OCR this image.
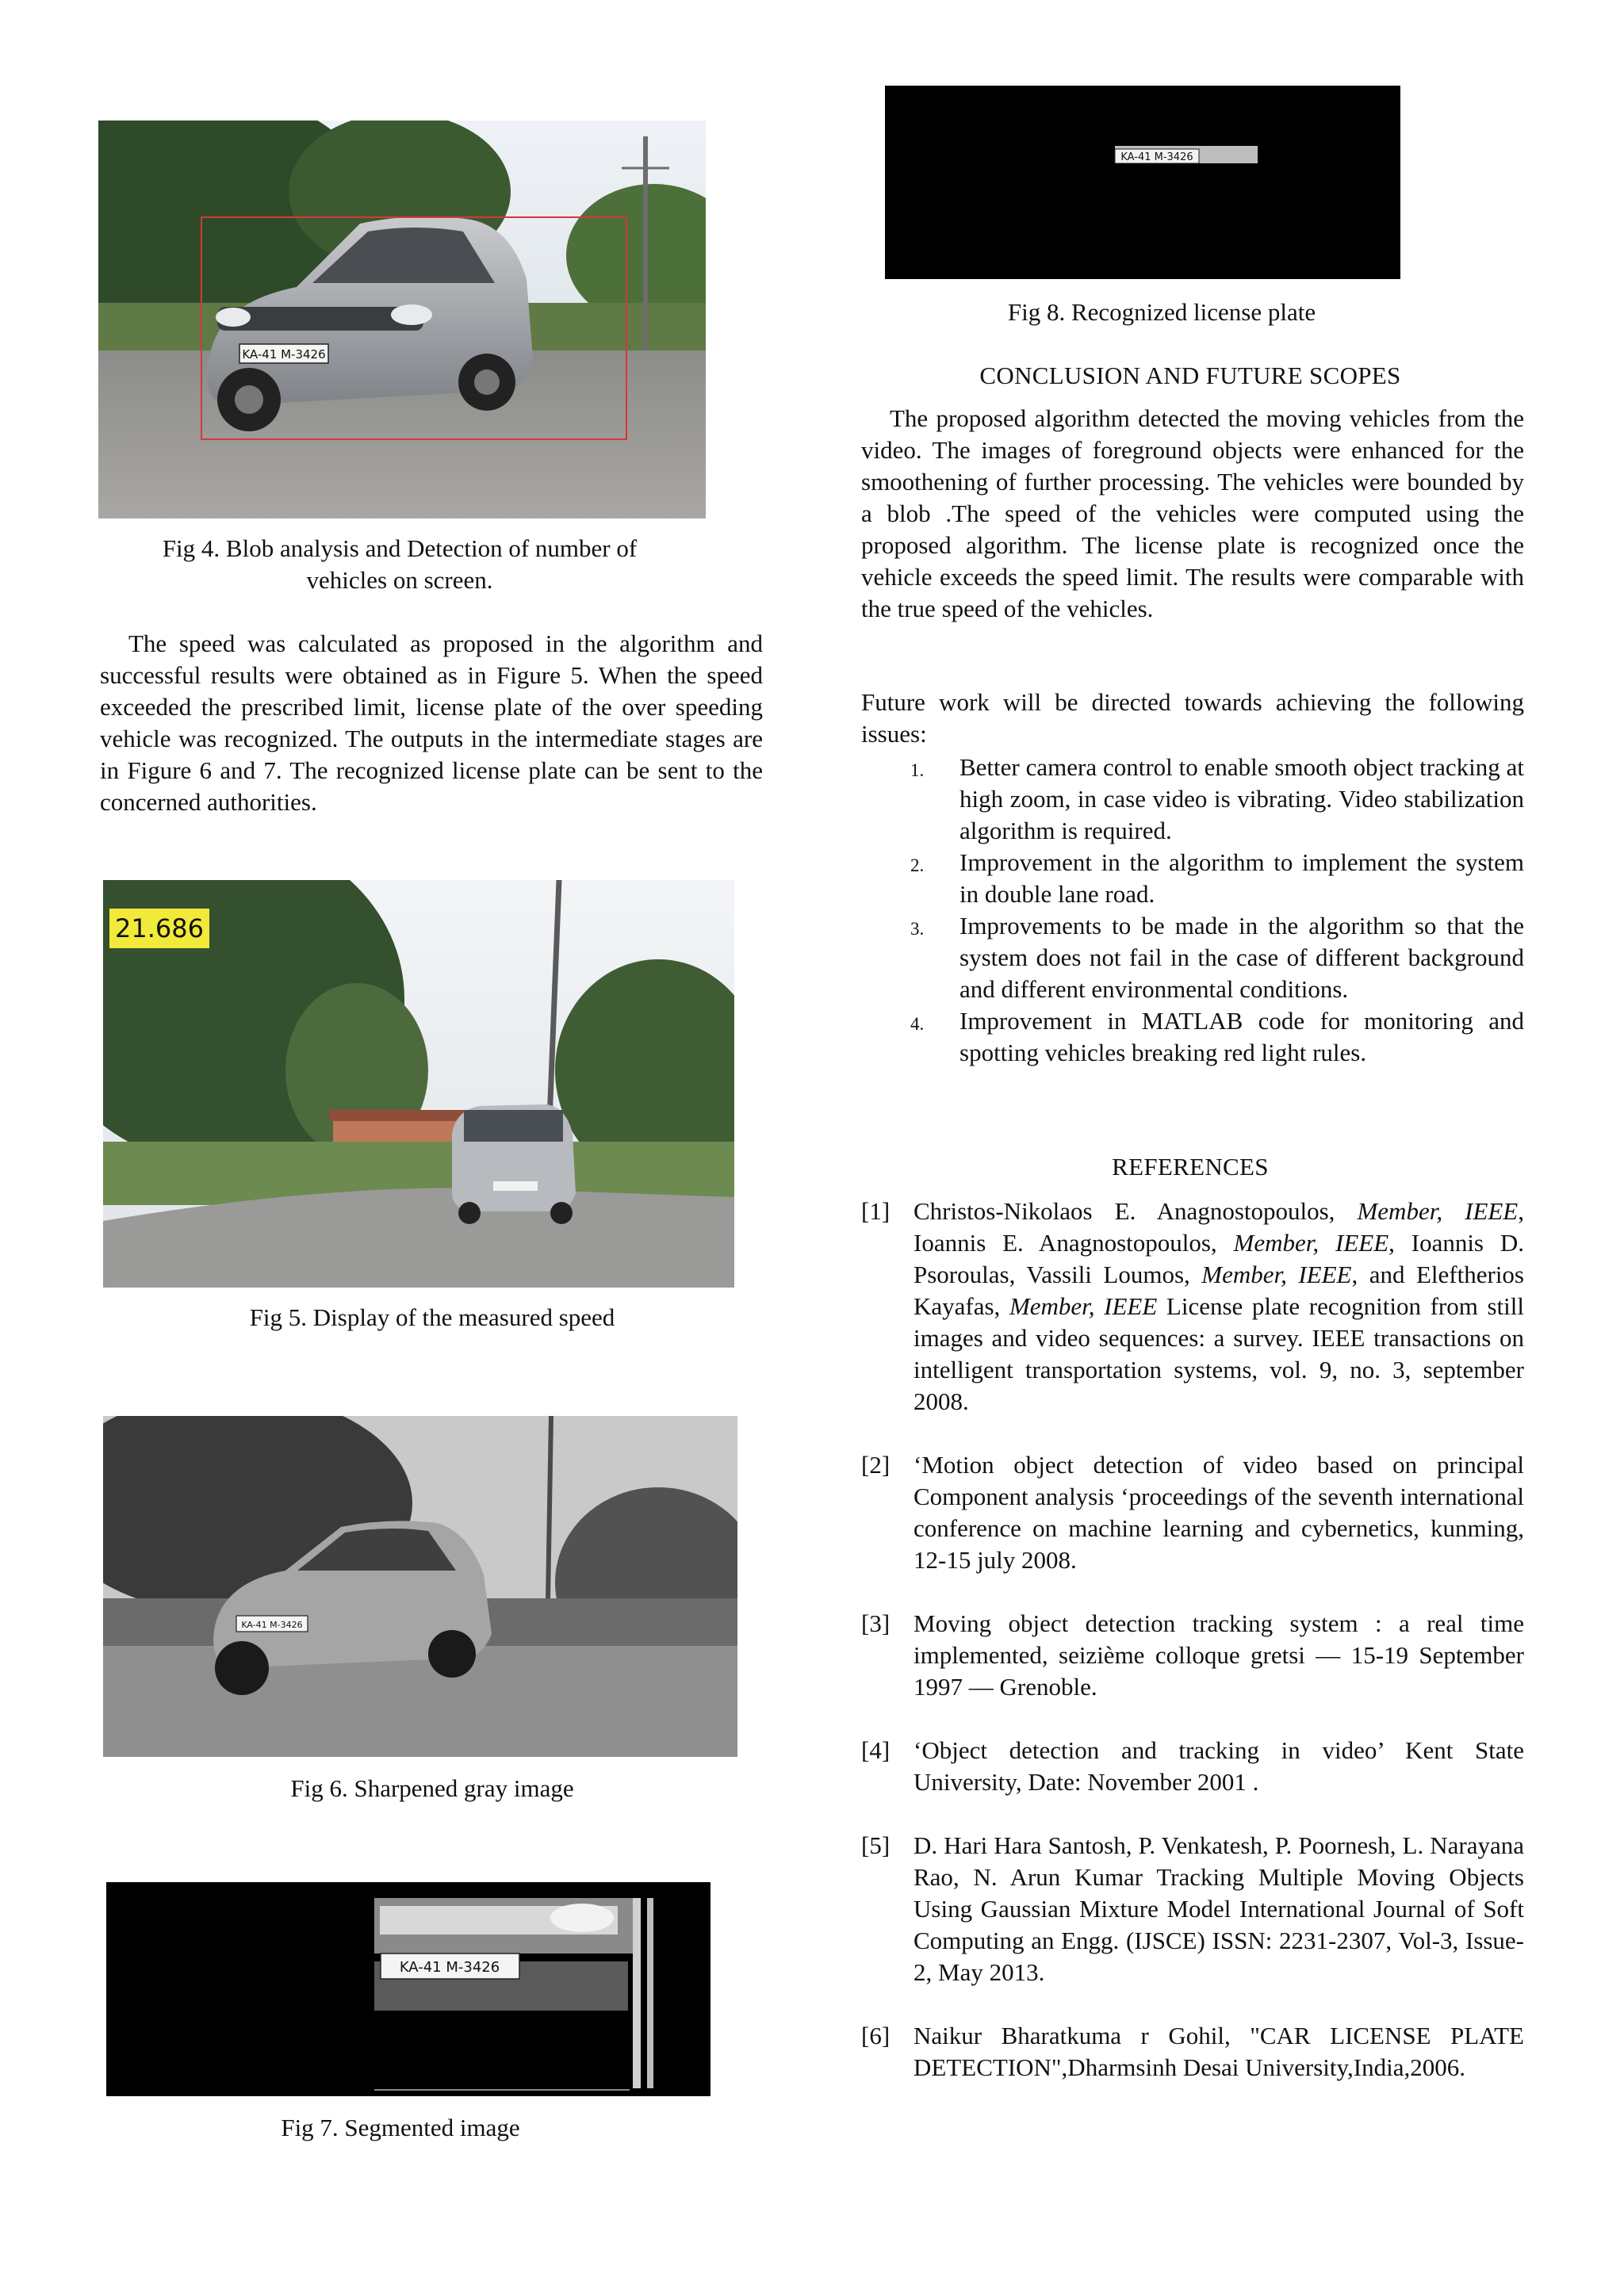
KA-41 M-3426
Fig 4. Blob analysis and Detection of number of vehicles on screen.
The speed was calculated as proposed in the algorithm and successful results were obtained as in Figure 5. When the speed exceeded the prescribed limit, license plate of the over speeding vehicle was recognized. The outputs in the intermediate stages are in Figure 6 and 7. The recognized license plate can be sent to the concerned authorities.
21.686
Fig 5. Display of the measured speed
KA-41 M-3426
Fig 6. Sharpened gray image
KA-41 M-3426
Fig 7. Segmented image
KA-41 M-3426
Fig 8. Recognized license plate
CONCLUSION AND FUTURE SCOPES
The proposed algorithm detected the moving vehicles from the video. The images of foreground objects were enhanced for the smoothening of further processing. The vehicles were bounded by a blob .The speed of the vehicles were computed using the proposed algorithm. The license plate is recognized once the vehicle exceeds the speed limit. The results were comparable with the true speed of the vehicles.
Future work will be directed towards achieving the following issues:
1. Better camera control to enable smooth object tracking at high zoom, in case video is vibrating. Video stabilization algorithm is required.
2. Improvement in the algorithm to implement the system in double lane road.
3. Improvements to be made in the algorithm so that the system does not fail in the case of different background and different environmental conditions.
4. Improvement in MATLAB code for monitoring and spotting vehicles breaking red light rules.
REFERENCES
[1] Christos-Nikolaos E. Anagnostopoulos, Member, IEEE, Ioannis E. Anagnostopoulos, Member, IEEE, Ioannis D. Psoroulas, Vassili Loumos, Member, IEEE, and Eleftherios Kayafas, Member, IEEE License plate recognition from still images and video sequences: a survey. IEEE transactions on intelligent transportation systems, vol. 9, no. 3, september 2008.
[2] ‘Motion object detection of video based on principal Component analysis ‘proceedings of the seventh international conference on machine learning and cybernetics, kunming, 12-15 july 2008.
[3] Moving object detection tracking system : a real time implemented, seizième colloque gretsi — 15-19 September 1997 — Grenoble.
[4] ‘Object detection and tracking in video’ Kent State University, Date: November 2001 .
[5] D. Hari Hara Santosh, P. Venkatesh, P. Poornesh, L. Narayana Rao, N. Arun Kumar Tracking Multiple Moving Objects Using Gaussian Mixture Model International Journal of Soft Computing an Engg. (IJSCE) ISSN: 2231-2307, Vol-3, Issue-2, May 2013.
[6] Naikur Bharatkuma r Gohil, "CAR LICENSE PLATE DETECTION",Dharmsinh Desai University,India,2006.
